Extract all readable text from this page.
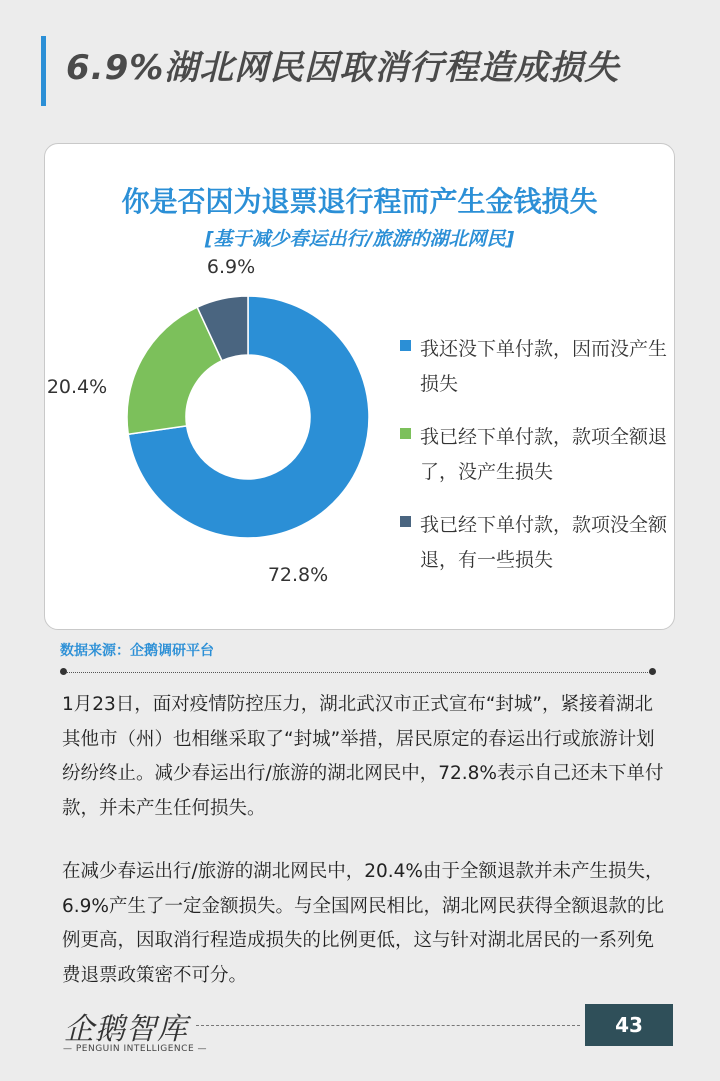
6.9%湖北网民因取消行程造成损失
你是否因为退票退行程而产生金钱损失
[基于减少春运出行/旅游的湖北网民]
72.8%
20.4%
6.9%
我还没下单付款，因而没产生损失
我已经下单付款，款项全额退了，没产生损失
我已经下单付款，款项没全额退，有一些损失
数据来源：企鹅调研平台
1月23日，面对疫情防控压力，湖北武汉市正式宣布“封城”，紧接着湖北其他市（州）也相继采取了“封城”举措，居民原定的春运出行或旅游计划纷纷终止。减少春运出行/旅游的湖北网民中，72.8%表示自己还未下单付款，并未产生任何损失。
在减少春运出行/旅游的湖北网民中，20.4%由于全额退款并未产生损失，6.9%产生了一定金额损失。与全国网民相比，湖北网民获得全额退款的比例更高，因取消行程造成损失的比例更低，这与针对湖北居民的一系列免费退票政策密不可分。
企鹅智库
— PENGUIN INTELLIGENCE —
43
